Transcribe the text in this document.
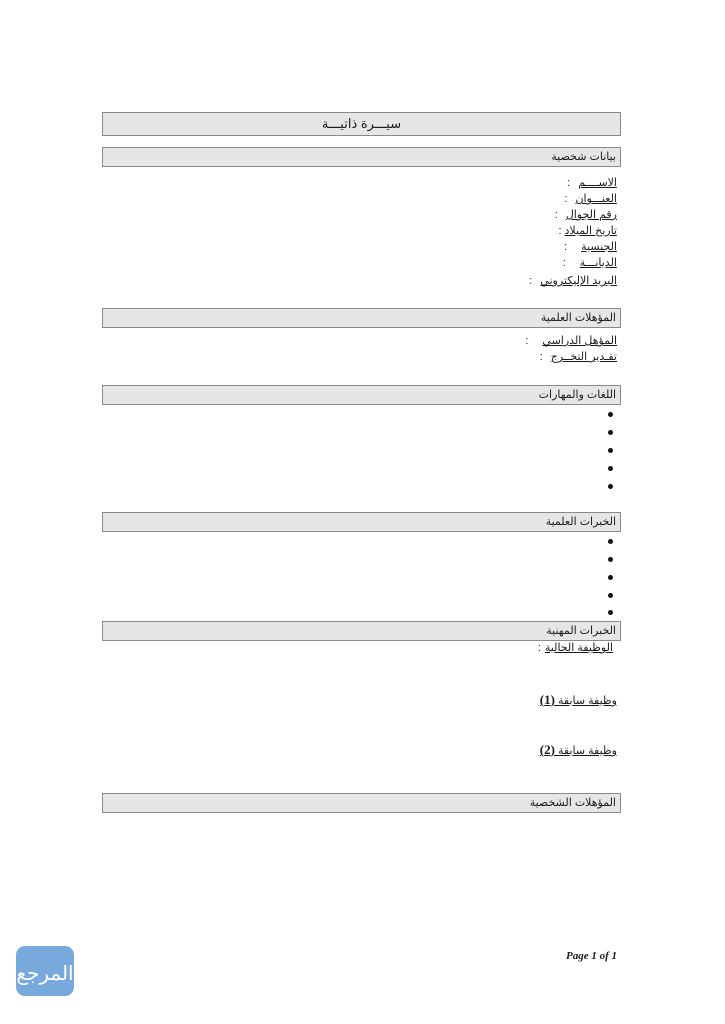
سيـــرة ذاتيـــة
بيانات شخصية
الاســــم:
العنـــوان:
رقم الجوال:
تاريخ الميلاد:
الجنسية:
الديانـــة:
البريد الإليكتروني:
المؤهلات العلمية
المؤهل الدراسي:
تقـدير التخــرج:
اللغات والمهارات
الخبرات العلمية
الخبرات المهنية
الوظيفة الحالية:
وظيفة سابقة (1)
وظيفة سابقة (2)
المؤهلات الشخصية
Page 1 of 1
المرجع
